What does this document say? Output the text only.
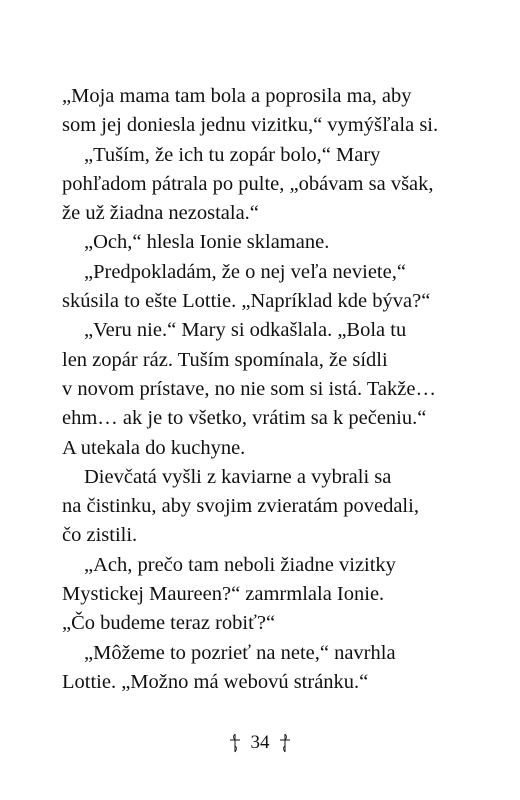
„Moja mama tam bola a poprosila ma, aby
som jej doniesla jednu vizitku,“ vymýšľala si.
„Tuším, že ich tu zopár bolo,“ Mary
pohľadom pátrala po pulte, „obávam sa však,
že už žiadna nezostala.“
„Och,“ hlesla Ionie sklamane.
„Predpokladám, že o nej veľa neviete,“
skúsila to ešte Lottie. „Napríklad kde býva?“
„Veru nie.“ Mary si odkašlala. „Bola tu
len zopár ráz. Tuším spomínala, že sídli
v novom prístave, no nie som si istá. Takže…
ehm… ak je to všetko, vrátim sa k pečeniu.“
A utekala do kuchyne.
Dievčatá vyšli z kaviarne a vybrali sa
na čistinku, aby svojim zvieratám povedali,
čo zistili.
„Ach, prečo tam neboli žiadne vizitky
Mystickej Maureen?“ zamrmlala Ionie.
„Čo budeme teraz robiť?“
„Môžeme to pozrieť na nete,“ navrhla
Lottie. „Možno má webovú stránku.“
34
